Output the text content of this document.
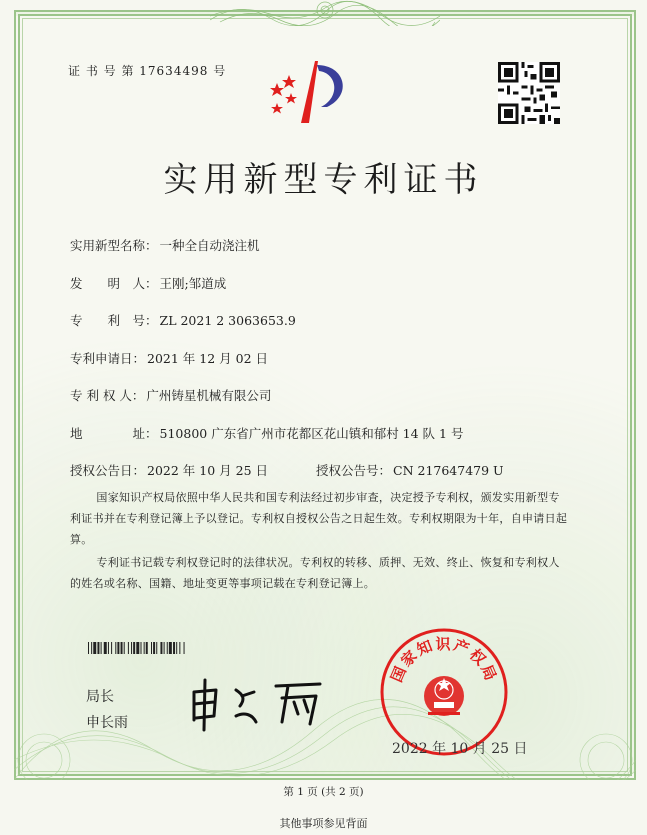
证 书 号 第 17634498 号
实用新型专利证书
实用新型名称： 一种全自动浇注机
发　　明　人： 王刚;邹道成
专　　利　号： ZL 2021 2 3063653.9
专利申请日： 2021 年 12 月 02 日
专 利 权 人： 广州铸星机械有限公司
地　　　　址： 510800 广东省广州市花都区花山镇和郁村 14 队 1 号
授权公告日： 2022 年 10 月 25 日	授权公告号： CN 217647479 U

国家知识产权局依照中华人民共和国专利法经过初步审查，决定授予专利权，颁发实用新型专利证书并在专利登记簿上予以登记。专利权自授权公告之日起生效。专利权期限为十年，自申请日起算。

专利证书记载专利权登记时的法律状况。专利权的转移、质押、无效、终止、恢复和专利权人的姓名或名称、国籍、地址变更等事项记载在专利登记簿上。

局长
申长雨
国家知识产权局
2022 年 10 月 25 日
第 1 页 (共 2 页)
其他事项参见背面
